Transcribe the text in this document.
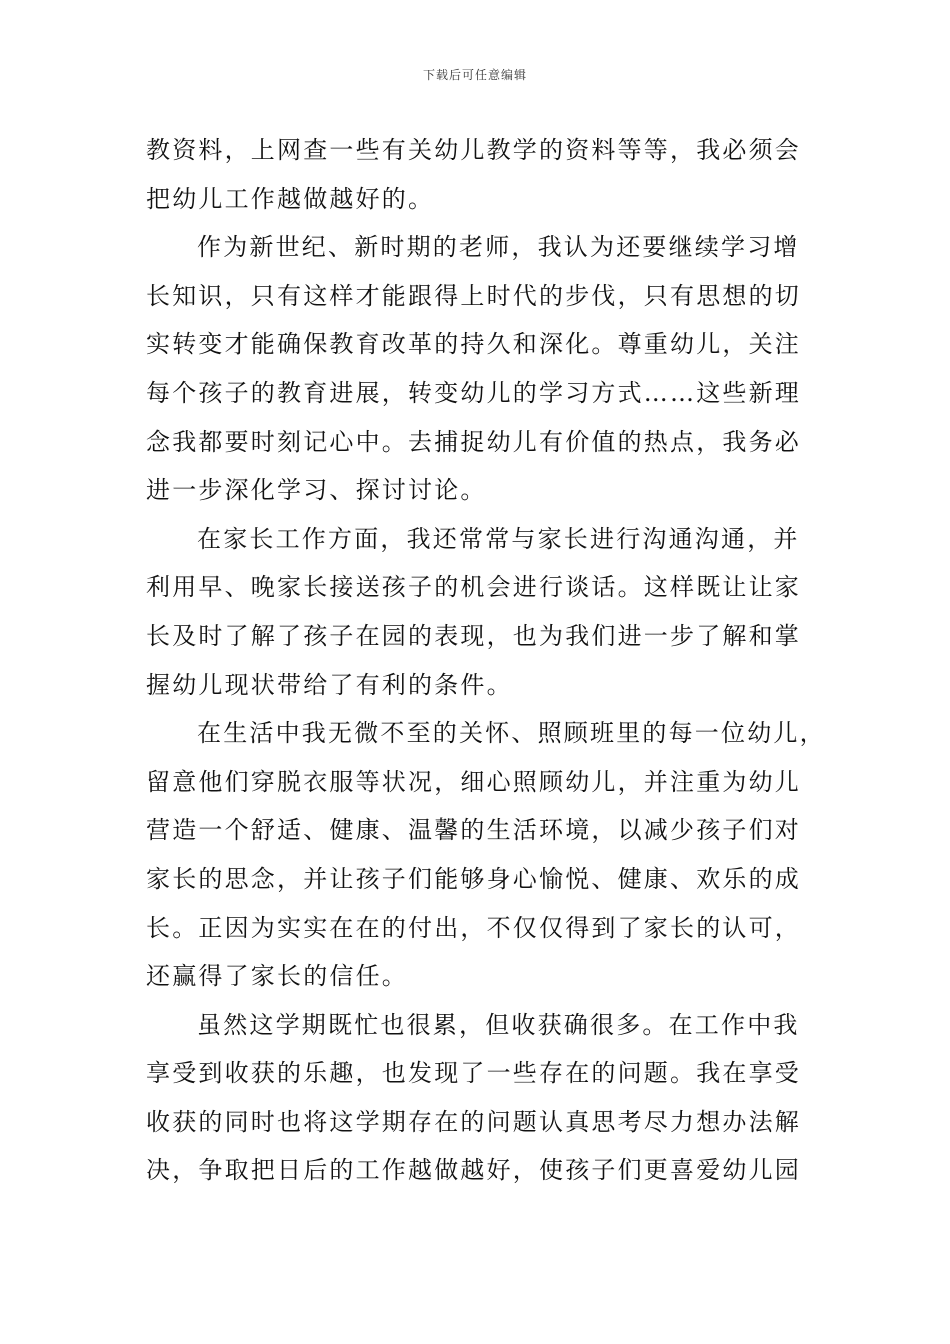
下载后可任意编辑
教资料，上网查一些有关幼儿教学的资料等等，我必须会
把幼儿工作越做越好的。
作为新世纪、新时期的老师，我认为还要继续学习增
长知识，只有这样才能跟得上时代的步伐，只有思想的切
实转变才能确保教育改革的持久和深化。尊重幼儿，关注
每个孩子的教育进展，转变幼儿的学习方式……这些新理
念我都要时刻记心中。去捕捉幼儿有价值的热点，我务必
进一步深化学习、探讨讨论。
在家长工作方面，我还常常与家长进行沟通沟通，并
利用早、晚家长接送孩子的机会进行谈话。这样既让让家
长及时了解了孩子在园的表现，也为我们进一步了解和掌
握幼儿现状带给了有利的条件。
在生活中我无微不至的关怀、照顾班里的每一位幼儿，
留意他们穿脱衣服等状况，细心照顾幼儿，并注重为幼儿
营造一个舒适、健康、温馨的生活环境，以减少孩子们对
家长的思念，并让孩子们能够身心愉悦、健康、欢乐的成
长。正因为实实在在的付出，不仅仅得到了家长的认可，
还赢得了家长的信任。
虽然这学期既忙也很累，但收获确很多。在工作中我
享受到收获的乐趣，也发现了一些存在的问题。我在享受
收获的同时也将这学期存在的问题认真思考尽力想办法解
决，争取把日后的工作越做越好，使孩子们更喜爱幼儿园
